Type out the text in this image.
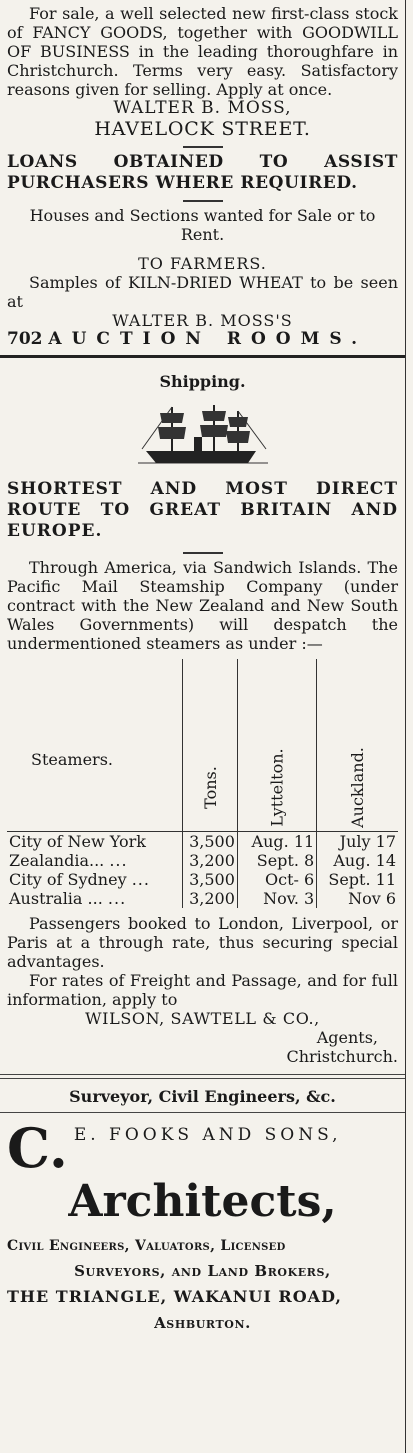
For sale, a well selected new first-class stock of FANCY GOODS, together with GOODWILL OF BUSINESS in the leading thoroughfare in Christchurch. Terms very easy. Satisfactory reasons given for selling. Apply at once.

WALTER B. MOSS,

HAVELOCK STREET.

LOANS OBTAINED TO ASSIST PURCHASERS WHERE REQUIRED.

Houses and Sections wanted for Sale or to Rent.

TO FARMERS.

Samples of KILN-DRIED WHEAT to be seen at

WALTER B. MOSS'S

702 AUCTION ROOMS.

Shipping.

SHORTEST AND MOST DIRECT ROUTE TO GREAT BRITAIN AND EUROPE.

Through America, via Sandwich Islands. The Pacific Mail Steamship Company (under contract with the New Zealand and New South Wales Governments) will despatch the undermentioned steamers as under :—

Steamers.	Tons.	Lyttelton.	Auckland.
City of New York	3,500	Aug. 11	July 17
Zealandia... ...	3,200	Sept. 8	Aug. 14
City of Sydney ...	3,500	Oct- 6	Sept. 11
Australia ... ...	3,200	Nov. 3	Nov 6

Passengers booked to London, Liverpool, or Paris at a through rate, thus securing special advantages.

For rates of Freight and Passage, and for full information, apply to

WILSON, SAWTELL & CO.,

Agents,

Christchurch.

Surveyor, Civil Engineers, &c.

C. E. FOOKS AND SONS,

Architects,

Civil Engineers, Valuators, Licensed

Surveyors, and Land Brokers,

THE TRIANGLE, WAKANUI ROAD,

Ashburton.
